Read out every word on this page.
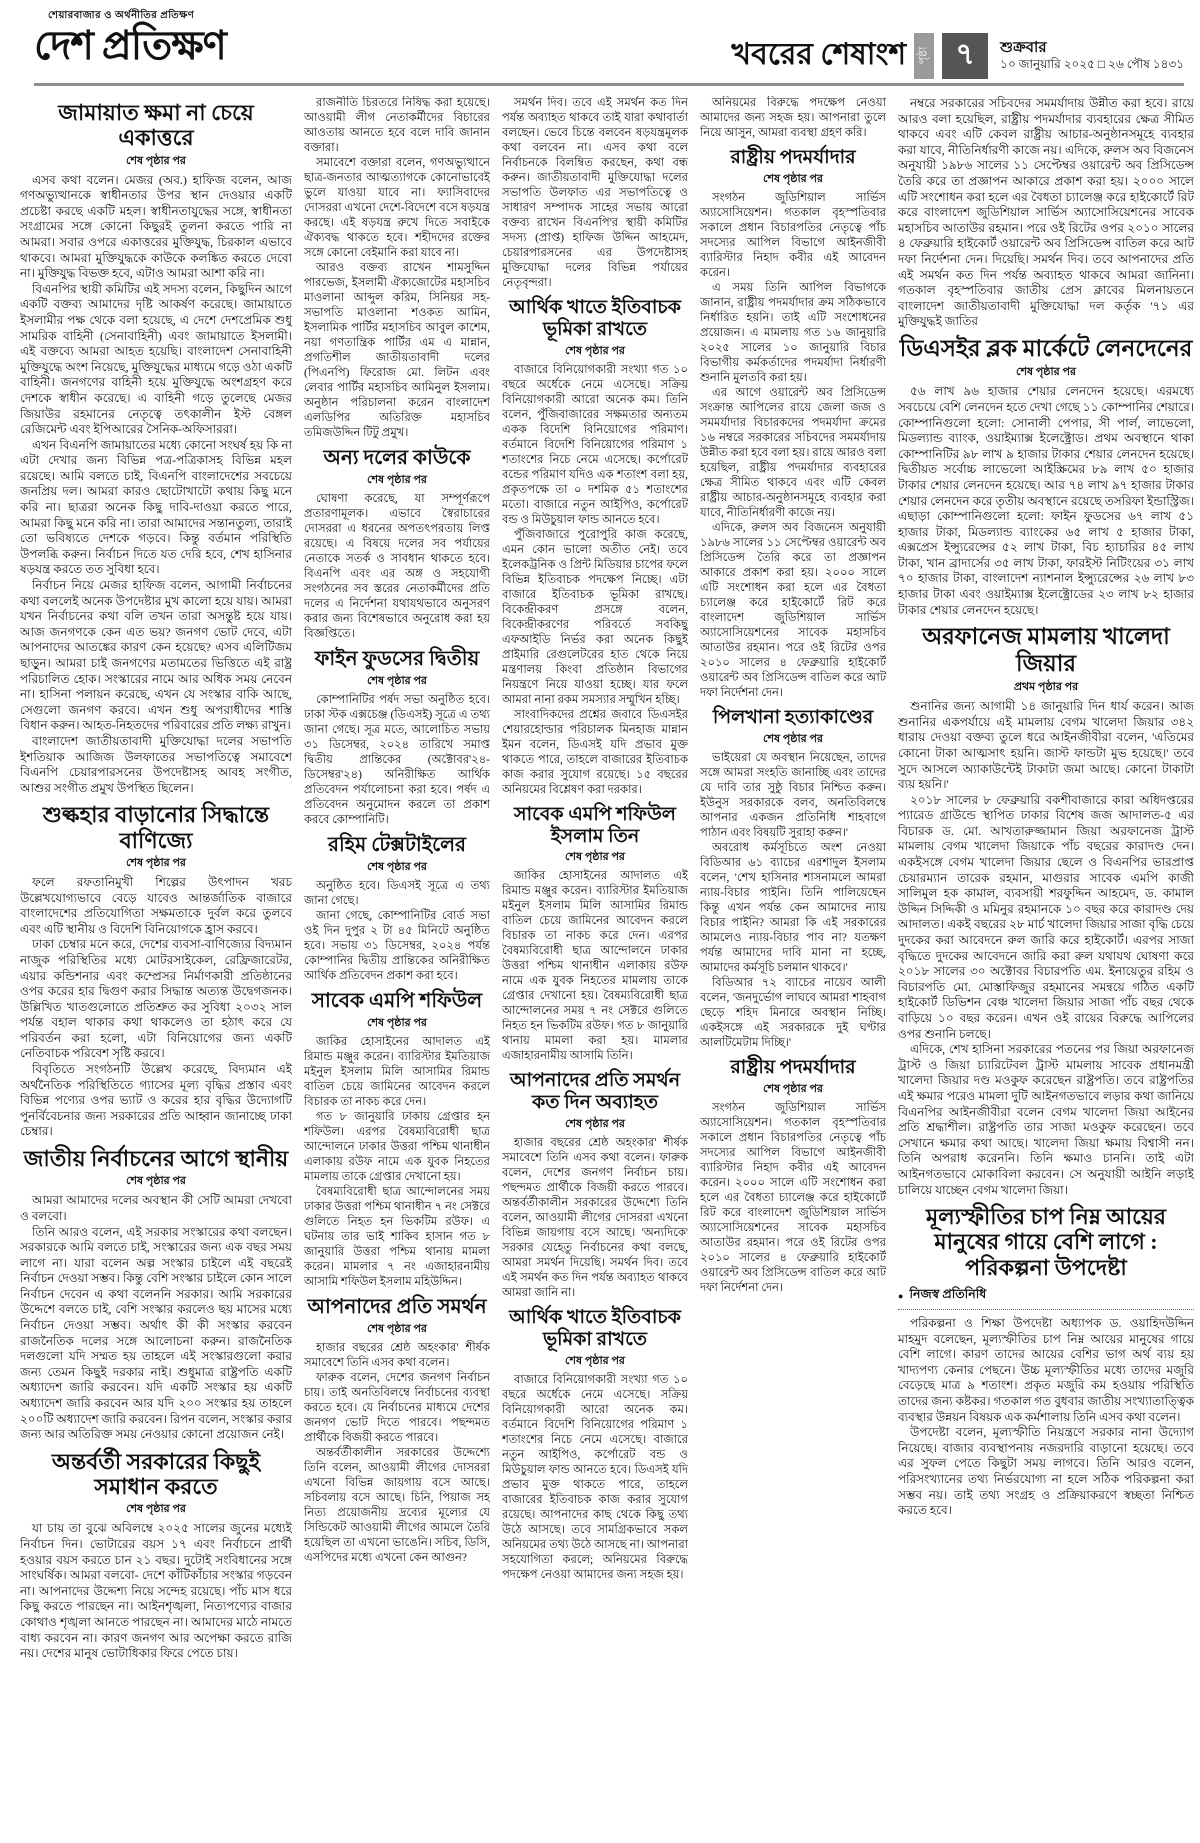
শেয়ারবাজার ও অর্থনীতির প্রতিক্ষণ
দেশ প্রতিক্ষণ	খবরের শেষাংশ পৃষ্ঠা ৭	শুক্রবার
১০ জানুয়ারি ২০২৫ □ ২৬ পৌষ ১৪৩১
জামায়াত ক্ষমা না চেয়ে একাত্তরে
শেষ পৃষ্ঠার পর

এসব কথা বলেন। মেজর (অব.) হাফিজ বলেন, আজ গণঅভ্যুত্থানকে স্বাধীনতার উপর স্থান দেওয়ার একটি প্রচেষ্টা করছে একটি মহল। স্বাধীনতাযুদ্ধের সঙ্গে, স্বাধীনতা সংগ্রামের সঙ্গে কোনো কিছুরই তুলনা করতে পারি না আমরা। সবার ওপরে একাত্তরের মুক্তিযুদ্ধ, চিরকাল এভাবে থাকবে। আমরা মুক্তিযুদ্ধকে কাউকে কলঙ্কিত করতে দেবো না। মুক্তিযুদ্ধ বিভক্ত হবে, এটাও আমরা আশা করি না।

বিএনপির স্থায়ী কমিটির এই সদস্য বলেন, কিছুদিন আগে একটি বক্তব্য আমাদের দৃষ্টি আকর্ষণ করেছে। জামায়াতে ইসলামীর পক্ষ থেকে বলা হয়েছে, এ দেশে দেশপ্রেমিক শুধু সামরিক বাহিনী (সেনাবাহিনী) এবং জামায়াতে ইসলামী। এই বক্তব্যে আমরা আহত হয়েছি। বাংলাদেশ সেনাবাহিনী মুক্তিযুদ্ধে অংশ নিয়েছে, মুক্তিযুদ্ধের মাধ্যমে গড়ে ওঠা একটি বাহিনী। জনগণের বাহিনী হয়ে মুক্তিযুদ্ধে অংশগ্রহণ করে দেশকে স্বাধীন করেছে। এ বাহিনী গড়ে তুলেছে মেজর জিয়াউর রহমানের নেতৃত্বে তৎকালীন ইস্ট বেঙ্গল রেজিমেন্ট এবং ইপিআরের সৈনিক-অফিসাররা।

এখন বিএনপি জামায়াতের মধ্যে কোনো সংঘর্ষ হয় কি না এটা দেখার জন্য বিভিন্ন পত্র-পত্রিকাসহ বিভিন্ন মহল রয়েছে। আমি বলতে চাই, বিএনপি বাংলাদেশের সবচেয়ে জনপ্রিয় দল। আমরা কারও ছোটোখাটো কথায় কিছু মনে করি না। ছাত্ররা অনেক কিছু দাবি-দাওয়া করতে পারে, আমরা কিছু মনে করি না। তারা আমাদের সন্তানতুল্য, তারাই তো ভবিষ্যতে দেশকে গড়বে। কিন্তু বর্তমান পরিস্থিতি উপলব্ধি করুন। নির্বাচন দিতে যত দেরি হবে, শেখ হাসিনার ষড়যন্ত্র করতে তত সুবিধা হবে।

নির্বাচন নিয়ে মেজর হাফিজ বলেন, আগামী নির্বাচনের কথা বললেই অনেক উপদেষ্টার মুখ কালো হয়ে যায়। আমরা যখন নির্বাচনের কথা বলি তখন তারা অসন্তুষ্ট হয়ে যায়। আজ জনগণকে কেন এত ভয়? জনগণ ভোট দেবে, এটা আপনাদের আতঙ্কের কারণ কেন হয়েছে? এসব এলিটিজম ছাড়ুন। আমরা চাই জনগণের মতামতের ভিত্তিতে এই রাষ্ট্র পরিচালিত হোক। সংস্কারের নামে আর অধিক সময় নেবেন না। হাসিনা পলায়ন করেছে, এখন যে সংস্কার বাকি আছে, সেগুলো জনগণ করবে। এখন শুধু অপরাধীদের শাস্তি বিধান করুন। আহত-নিহতদের পরিবারের প্রতি লক্ষ্য রাখুন।

বাংলাদেশ জাতীয়তাবাদী মুক্তিযোদ্ধা দলের সভাপতি ইশতিয়াক আজিজ উলফাতের সভাপতিত্বে সমাবেশে বিএনপি চেয়ারপারসনের উপদেষ্টাসহ আবহ সংগীত, আশুর সংগীত প্রমুখ উপস্থিত ছিলেন।

শুল্কহার বাড়ানোর সিদ্ধান্তে বাণিজ্যে
শেষ পৃষ্ঠার পর

ফলে রফতানিমুখী শিল্পের উৎপাদন খরচ উল্লেখযোগ্যভাবে বেড়ে যাবেও আন্তর্জাতিক বাজারে বাংলাদেশের প্রতিযোগিতা সক্ষমতাকে দুর্বল করে তুলবে এবং এটি স্থানীয় ও বিদেশি বিনিয়োগকে হ্রাস করবে।

ঢাকা চেম্বার মনে করে, দেশের ব্যবসা-বাণিজ্যের বিদ্যমান নাজুক পরিস্থিতির মধ্যে মোটরসাইকেল, রেফ্রিজারেটর, এয়ার কন্ডিশনার এবং কম্প্রেসর নির্মাণকারী প্রতিষ্ঠানের ওপর করের হার দ্বিগুণ করার সিদ্ধান্ত অত্যন্ত উদ্বেগজনক। উল্লিখিত খাতগুলোতে প্রতিশ্রুত কর সুবিধা ২০৩২ সাল পর্যন্ত বহাল থাকার কথা থাকলেও তা হঠাৎ করে যে পরিবর্তন করা হলো, এটা বিনিয়োগের জন্য একটি নেতিবাচক পরিবেশ সৃষ্টি করবে।

বিবৃতিতে সংগঠনটি উল্লেখ করেছে, বিদ্যমান এই অর্থনৈতিক পরিস্থিতিতে গ্যাসের মূল্য বৃদ্ধির প্রস্তাব এবং বিভিন্ন পণ্যের ওপর ভ্যাট ও করের হার বৃদ্ধির উদ্যোগটি পুনর্বিবেচনার জন্য সরকারের প্রতি আহ্বান জানাচ্ছে ঢাকা চেম্বার।

জাতীয় নির্বাচনের আগে স্থানীয়
শেষ পৃষ্ঠার পর

আমরা আমাদের দলের অবস্থান কী সেটি আমরা দেখবো ও বলবো।

তিনি আরও বলেন, এই সরকার সংস্কারের কথা বলছেন। সরকারকে আমি বলতে চাই, সংস্কারের জন্য এক বছর সময় লাগে না। যারা বলেন অল্প সংস্কার চাইলে এই বছরেই নির্বাচন দেওয়া সম্ভব। কিন্তু বেশি সংস্কার চাইলে কোন সালে নির্বাচন দেবেন এ কথা বলেননি সরকার। আমি সরকারের উদ্দেশে বলতে চাই, বেশি সংস্কার করলেও ছয় মাসের মধ্যে নির্বাচন দেওয়া সম্ভব। অর্থাৎ কী কী সংস্কার করবেন রাজনৈতিক দলের সঙ্গে আলোচনা করুন। রাজনৈতিক দলগুলো যদি সম্মত হয় তাহলে এই সংস্কারগুলো করার জন্য তেমন কিছুই দরকার নাই। শুধুমাত্র রাষ্ট্রপতি একটি অধ্যাদেশ জারি করবেন। যদি একটি সংস্কার হয় একটি অধ্যাদেশ জারি করবেন আর যদি ২০০ সংস্কার হয় তাহলে ২০০টি অধ্যাদেশ জারি করবেন। রিপন বলেন, সংস্কার করার জন্য আর অতিরিক্ত সময় নেওয়ার কোনো প্রয়োজন নেই।

অন্তর্বর্তী সরকারের কিছুই সমাধান করতে
শেষ পৃষ্ঠার পর

যা চায় তা বুঝে অবিলম্বে ২০২৫ সালের জুনের মধ্যেই নির্বাচন দিন। ভোটারের বয়স ১৭ এবং নির্বাচনে প্রার্থী হওয়ার বয়স করতে চান ২১ বছর। দুটোই সংবিধানের সঙ্গে সাংঘর্ষিক। আমরা বলবো- দেশে কাঁটিকাঁচার সংস্কার গড়বেন না। আপনাদের উদ্দেশ্য নিয়ে সন্দেহ রয়েছে। পাঁচ মাস ধরে কিছু করতে পারছেন না। আইনশৃঙ্খলা, নিত্যপণ্যের বাজার কোথাও শৃঙ্খলা আনতে পারছেন না। আমাদের মাঠে নামতে বাধ্য করবেন না। কারণ জনগণ আর অপেক্ষা করতে রাজি নয়। দেশের মানুষ ভোটাধিকার ফিরে পেতে চায়।

রাজনীতি চিরতরে নিষিদ্ধ করা হয়েছে। আওয়ামী লীগ নেতাকর্মীদের বিচারের আওতায় আনতে হবে বলে দাবি জানান বক্তারা।

সমাবেশে বক্তারা বলেন, গণঅভ্যুত্থানে ছাত্র-জনতার আত্মত্যাগকে কোনোভাবেই ভুলে যাওয়া যাবে না। ফ্যাসিবাদের দোসররা এখনো দেশে-বিদেশে বসে ষড়যন্ত্র করছে। এই ষড়যন্ত্র রুখে দিতে সবাইকে ঐক্যবদ্ধ থাকতে হবে। শহীদদের রক্তের সঙ্গে কোনো বেইমানি করা যাবে না।

আরও বক্তব্য রাখেন শামসুদ্দিন পারভেজ, ইসলামী ঐক্যজোটের মহাসচিব মাওলানা আব্দুল করিম, সিনিয়র সহ-সভাপতি মাওলানা শওকত আমিন, ইসলামিক পার্টির মহাসচিব আবুল কাশেম, নয়া গণতান্ত্রিক পার্টির এম এ মান্নান, প্রগতিশীল জাতীয়তাবাদী দলের (পিএনপি) ফিরোজ মো. লিটন এবং লেবার পার্টির মহাসচিব আমিনুল ইসলাম। অনুষ্ঠান পরিচালনা করেন বাংলাদেশ এলডিপির অতিরিক্ত মহাসচিব তমিজউদ্দিন টিটু প্রমুখ।

অন্য দলের কাউকে
শেষ পৃষ্ঠার পর

ঘোষণা করেছে, যা সম্পূর্ণরূপে প্রতারণামূলক। এভাবে স্বৈরাচারের দোসররা এ ধরনের অপতৎপরতায় লিপ্ত রয়েছে। এ বিষয়ে দলের সব পর্যায়ের নেতাকে সতর্ক ও সাবধান থাকতে হবে। বিএনপি এবং এর অঙ্গ ও সহযোগী সংগঠনের সব স্তরের নেতাকর্মীদের প্রতি দলের এ নির্দেশনা যথাযথভাবে অনুসরণ করার জন্য বিশেষভাবে অনুরোধ করা হয় বিজ্ঞপ্তিতে।

ফাইন ফুডসের দ্বিতীয়
শেষ পৃষ্ঠার পর

কোম্পানিটির পর্ষদ সভা অনুষ্ঠিত হবে। ঢাকা স্টক এক্সচেঞ্জ (ডিএসই) সূত্রে এ তথ্য জানা গেছে। সূত্র মতে, আলোচিত সভায় ৩১ ডিসেম্বর, ২০২৪ তারিখে সমাপ্ত দ্বিতীয় প্রান্তিকের (অক্টোবর'২৪-ডিসেম্বর'২৪) অনিরীক্ষিত আর্থিক প্রতিবেদন পর্যালোচনা করা হবে। পর্ষদ এ প্রতিবেদন অনুমোদন করলে তা প্রকাশ করবে কোম্পানিটি।

রহিম টেক্সটাইলের
শেষ পৃষ্ঠার পর

অনুষ্ঠিত হবে। ডিএসই সূত্রে এ তথ্য জানা গেছে।

জানা গেছে, কোম্পানিটির বোর্ড সভা ওই দিন দুপুর ২ টা ৪৫ মিনিটে অনুষ্ঠিত হবে। সভায় ৩১ ডিসেম্বর, ২০২৪ পর্যন্ত কোম্পানির দ্বিতীয় প্রান্তিকের অনিরীক্ষিত আর্থিক প্রতিবেদন প্রকাশ করা হবে।

সাবেক এমপি শফিউল
শেষ পৃষ্ঠার পর

জাকির হোসাইনের আদালত এই রিমান্ড মঞ্জুর করেন। ব্যারিস্টার ইমতিয়াজ মইনুল ইসলাম মিলি আসামির রিমান্ড বাতিল চেয়ে জামিনের আবেদন করলে বিচারক তা নাকচ করে দেন।

গত ৮ জানুয়ারি ঢাকায় গ্রেপ্তার হন শফিউল। এরপর বৈষম্যবিরোধী ছাত্র আন্দোলনে ঢাকার উত্তরা পশ্চিম থানাধীন এলাকায় রউফ নামে এক যুবক নিহতের মামলায় তাকে গ্রেপ্তার দেখানো হয়।

বৈষম্যবিরোধী ছাত্র আন্দোলনের সময় ঢাকার উত্তরা পশ্চিম থানাধীন ৭ নং সেক্টরে গুলিতে নিহত হন ভিকটিম রউফ। এ ঘটনায় তার ভাই শাকিব হাসান গত ৮ জানুয়ারি উত্তরা পশ্চিম থানায় মামলা করেন। মামলার ৭ নং এজাহারনামীয় আসামি শফিউল ইসলাম মহিউদ্দিন।

আপনাদের প্রতি সমর্থন
শেষ পৃষ্ঠার পর

হাজার বছরের শ্রেষ্ঠ অহংকার' শীর্ষক সমাবেশে তিনি এসব কথা বলেন।

ফারুক বলেন, দেশের জনগণ নির্বাচন চায়। তাই অনতিবিলম্বে নির্বাচনের ব্যবস্থা করতে হবে। যে নির্বাচনের মাধ্যমে দেশের জনগণ ভোট দিতে পারবে। পছন্দমত প্রার্থীকে বিজয়ী করতে পারবে।

অন্তর্বর্তীকালীন সরকারের উদ্দেশ্যে তিনি বলেন, আওয়ামী লীগের দোসররা এখনো বিভিন্ন জায়গায় বসে আছে। সচিবলায় বসে আছে। চিনি, পিয়াজ সহ নিত্য প্রয়োজনীয় দ্রব্যের মূল্যের যে সিন্ডিকেট আওয়ামী লীগের আমলে তৈরি হয়েছিল তা এখনো ভাঙেনি। সচিব, ডিসি, এসপিদের মধ্যে এখনো কেন আগুন?

সমর্থন দিব। তবে এই সমর্থন কত দিন পর্যন্ত অব্যাহত থাকবে তাই যারা কথাবার্তা বলছেন। ভেবে চিন্তে বলবেন ষড়যন্ত্রমূলক কথা বলবেন না। এসব কথা বলে নির্বাচনকে বিলম্বিত করছেন, কথা বন্ধ করুন। জাতীয়তাবাদী মুক্তিযোদ্ধা দলের সভাপতি উলফাত এর সভাপতিত্বে ও সাধারণ সম্পাদক সাহের সভায় আরো বক্তব্য রাখেন বিএনপি'র স্থায়ী কমিটির সদস্য (প্রাপ্ত) হাফিজ উদ্দিন আহমেদ, চেয়ারপারসনের এর উপদেষ্টাসহ মুক্তিযোদ্ধা দলের বিভিন্ন পর্যায়ের নেতৃবৃন্দরা।

আর্থিক খাতে ইতিবাচক ভূমিকা রাখতে
শেষ পৃষ্ঠার পর

বাজারে বিনিয়োগকারী সংখ্যা গত ১০ বছরে অর্ধেকে নেমে এসেছে। সক্রিয় বিনিয়োগকারী আরো অনেক কম। তিনি বলেন, পুঁজিবাজারের সক্ষমতার অন্যতম একক বিদেশি বিনিয়োগের পরিমাণ। বর্তমানে বিদেশি বিনিয়োগের পরিমাণ ১ শতাংশের নিচে নেমে এসেছে। কর্পোরেট বন্ডের পরিমাণ যদিও এক শতাংশ বলা হয়, প্রকৃতপক্ষে তা ০ দশমিক ৫১ শতাংশের মতো। বাজারে নতুন আইপিও, কর্পোরেট বন্ড ও মিউচুয়াল ফান্ড আনতে হবে।

পুঁজিবাজারে পুরোপুরি কাজ করেছে, এমন কোন ভালো অতীত নেই। তবে ইলেকট্রনিক ও প্রিন্ট মিডিয়ার চাপের ফলে বিভিন্ন ইতিবাচক পদক্ষেপ নিচ্ছে। এটা বাজারে ইতিবাচক ভূমিকা রাখছে। বিকেন্দ্রীকরণ প্রসঙ্গে বলেন, বিকেন্দ্রীকরণের পরিবর্তে সবকিছু এফআইডি নির্ভর করা অনেক কিছুই প্রাইমারি রেগুলেটরের হাত থেকে নিয়ে মন্ত্রণালয় কিংবা প্রতিষ্ঠান বিভাগের নিয়ন্ত্রণে নিয়ে যাওয়া হচ্ছে। যার ফলে আমরা নানা রকম সমস্যার সম্মুখিন হচ্ছি।

সাংবাদিকদের প্রশ্নের জবাবে ডিএসইর শেয়ারহোল্ডার পরিচালক মিনহাজ মান্নান ইমন বলেন, ডিএসই যদি প্রভাব মুক্ত থাকতে পারে, তাহলে বাজারের ইতিবাচক কাজ করার সুযোগ রয়েছে। ১৫ বছরের অনিয়মের বিশ্লেষণ করা দরকার।

সাবেক এমপি শফিউল ইসলাম তিন
শেষ পৃষ্ঠার পর

জাকির হোসাইনের আদালত এই রিমান্ড মঞ্জুর করেন। ব্যারিস্টার ইমতিয়াজ মইনুল ইসলাম মিলি আসামির রিমান্ড বাতিল চেয়ে জামিনের আবেদন করলে বিচারক তা নাকচ করে দেন। এরপর বৈষম্যবিরোধী ছাত্র আন্দোলনে ঢাকার উত্তরা পশ্চিম থানাধীন এলাকায় রউফ নামে এক যুবক নিহতের মামলায় তাকে গ্রেপ্তার দেখানো হয়। বৈষম্যবিরোধী ছাত্র আন্দোলনের সময় ৭ নং সেক্টরে গুলিতে নিহত হন ভিকটিম রউফ। গত ৮ জানুয়ারি থানায় মামলা করা হয়। মামলার এজাহারনামীয় আসামি তিনি।

আপনাদের প্রতি সমর্থন কত দিন অব্যাহত
শেষ পৃষ্ঠার পর

হাজার বছরের শ্রেষ্ঠ অহংকার' শীর্ষক সমাবেশে তিনি এসব কথা বলেন। ফারুক বলেন, দেশের জনগণ নির্বাচন চায়। পছন্দমত প্রার্থীকে বিজয়ী করতে পারবে। অন্তর্বর্তীকালীন সরকারের উদ্দেশ্যে তিনি বলেন, আওয়ামী লীগের দোসররা এখনো বিভিন্ন জায়গায় বসে আছে। 'অন্যদিকে' সরকার যেহেতু নির্বাচনের কথা বলছে, আমরা সমর্থন দিয়েছি। সমর্থন দিব। তবে এই সমর্থন কত দিন পর্যন্ত অব্যাহত থাকবে আমরা জানি না।

আর্থিক খাতে ইতিবাচক ভূমিকা রাখতে
শেষ পৃষ্ঠার পর

বাজারে বিনিয়োগকারী সংখ্যা গত ১০ বছরে অর্ধেকে নেমে এসেছে। সক্রিয় বিনিয়োগকারী আরো অনেক কম। বর্তমানে বিদেশি বিনিয়োগের পরিমাণ ১ শতাংশের নিচে নেমে এসেছে। বাজারে নতুন আইপিও, কর্পোরেট বন্ড ও মিউচুয়াল ফান্ড আনতে হবে। ডিএসই যদি প্রভাব মুক্ত থাকতে পারে, তাহলে বাজারের ইতিবাচক কাজ করার সুযোগ রয়েছে। আপনাদের কাছ থেকে কিছু তথ্য উঠে আসছে। তবে সামগ্রিকভাবে সকল অনিয়মের তথ্য উঠে আসছে না। আপনারা সহযোগিতা করলে; অনিয়মের বিরুদ্ধে পদক্ষেপ নেওয়া আমাদের জন্য সহজ হয়।

অনিয়মের বিরুদ্ধে পদক্ষেপ নেওয়া আমাদের জন্য সহজ হয়। আপনারা তুলে নিয়ে আসুন, আমরা ব্যবস্থা গ্রহণ করি।

রাষ্ট্রীয় পদমর্যাদার
শেষ পৃষ্ঠার পর

সংগঠন জুডিশিয়াল সার্ভিস অ্যাসোসিয়েশন। গতকাল বৃহস্পতিবার সকালে প্রধান বিচারপতির নেতৃত্বে পাঁচ সদস্যের আপিল বিভাগে আইনজীবী ব্যারিস্টার নিহাদ কবীর এই আবেদন করেন।

এ সময় তিনি আপিল বিভাগকে জানান, রাষ্ট্রীয় পদমর্যাদার ক্রম সঠিকভাবে নির্ধারিত হয়নি। তাই এটি সংশোধনের প্রয়োজন। এ মামলায় গত ১৬ জানুয়ারি ২০২৫ সালের ১০ জানুয়ারি বিচার বিভাগীয় কর্মকর্তাদের পদমর্যাদা নির্ধারণী শুনানি মুলতবি করা হয়।

এর আগে ওয়ারেন্ট অব প্রিসিডেন্স সংক্রান্ত আপিলের রায়ে জেলা জজ ও সমমর্যাদার বিচারকদের পদমর্যাদা ক্রমের ১৬ নম্বরে সরকারের সচিবদের সমমর্যাদায় উন্নীত করা হবে বলা হয়। রায়ে আরও বলা হয়েছিল, রাষ্ট্রীয় পদমর্যাদার ব্যবহারের ক্ষেত্র সীমিত থাকবে এবং এটি কেবল রাষ্ট্রীয় আচার-অনুষ্ঠানসমূহে ব্যবহার করা যাবে, নীতিনির্ধারণী কাজে নয়।

এদিকে, রুলস অব বিজনেস অনুযায়ী ১৯৮৬ সালের ১১ সেপ্টেম্বর ওয়ারেন্ট অব প্রিসিডেন্স তৈরি করে তা প্রজ্ঞাপন আকারে প্রকাশ করা হয়। ২০০০ সালে এটি সংশোধন করা হলে এর বৈধতা চ্যালেঞ্জ করে হাইকোর্টে রিট করে বাংলাদেশ জুডিশিয়াল সার্ভিস অ্যাসোসিয়েশনের সাবেক মহাসচিব আতাউর রহমান। পরে ওই রিটের ওপর ২০১০ সালের ৪ ফেব্রুয়ারি হাইকোর্ট ওয়ারেন্ট অব প্রিসিডেন্স বাতিল করে আট দফা নির্দেশনা দেন।

পিলখানা হত্যাকাণ্ডের
শেষ পৃষ্ঠার পর

ভাইয়েরা যে অবস্থান নিয়েছেন, তাদের সঙ্গে আমরা সংহতি জানাচ্ছি এবং তাদের যে দাবি তার সুষ্ঠু বিচার নিশ্চিত করুন। ইউনুস সরকারকে বলব, অনতিবিলম্বে আপনার একজন প্রতিনিধি শাহবাগে পাঠান এবং বিষয়টি সুরাহা করুন।'

অবরোধ কর্মসূচিতে অংশ নেওয়া বিডিআর ৬১ ব্যাচের এরশাদুল ইসলাম বলেন, 'শেখ হাসিনার শাসনামলে আমরা ন্যায়-বিচার পাইনি। তিনি পালিয়েছেন কিন্তু এখন পর্যন্ত কেন আমাদের ন্যায় বিচার পাইনি? আমরা কি এই সরকারের আমলেও ন্যায়-বিচার পাব না? যতক্ষণ পর্যন্ত আমাদের দাবি মানা না হচ্ছে, আমাদের কর্মসূচি চলমান থাকবে।'

বিডিআর ৭২ ব্যাচের নায়েব আলী বলেন, 'জনদুর্ভোগ লাঘবে আমরা শাহবাগ ছেড়ে শহিদ মিনারে অবস্থান নিচ্ছি। একইসঙ্গে এই সরকারকে দুই ঘণ্টার আলটিমেটাম দিচ্ছি।'

রাষ্ট্রীয় পদমর্যাদার
শেষ পৃষ্ঠার পর

সংগঠন জুডিশিয়াল সার্ভিস অ্যাসোসিয়েশন। গতকাল বৃহস্পতিবার সকালে প্রধান বিচারপতির নেতৃত্বে পাঁচ সদস্যের আপিল বিভাগে আইনজীবী ব্যারিস্টার নিহাদ কবীর এই আবেদন করেন। ২০০০ সালে এটি সংশোধন করা হলে এর বৈধতা চ্যালেঞ্জ করে হাইকোর্টে রিট করে বাংলাদেশ জুডিশিয়াল সার্ভিস অ্যাসোসিয়েশনের সাবেক মহাসচিব আতাউর রহমান। পরে ওই রিটের ওপর ২০১০ সালের ৪ ফেব্রুয়ারি হাইকোর্ট ওয়ারেন্ট অব প্রিসিডেন্স বাতিল করে আট দফা নির্দেশনা দেন।

নম্বরে সরকারের সচিবদের সমমর্যাদায় উন্নীত করা হবে। রায়ে আরও বলা হয়েছিল, রাষ্ট্রীয় পদমর্যাদার ব্যবহারের ক্ষেত্র সীমিত থাকবে এবং এটি কেবল রাষ্ট্রীয় আচার-অনুষ্ঠানসমূহে ব্যবহার করা যাবে, নীতিনির্ধারণী কাজে নয়। এদিকে, রুলস অব বিজনেস অনুযায়ী ১৯৮৬ সালের ১১ সেপ্টেম্বর ওয়ারেন্ট অব প্রিসিডেন্স তৈরি করে তা প্রজ্ঞাপন আকারে প্রকাশ করা হয়। ২০০০ সালে এটি সংশোধন করা হলে এর বৈধতা চ্যালেঞ্জ করে হাইকোর্টে রিট করে বাংলাদেশ জুডিশিয়াল সার্ভিস অ্যাসোসিয়েশনের সাবেক মহাসচিব আতাউর রহমান। পরে ওই রিটের ওপর ২০১০ সালের ৪ ফেব্রুয়ারি হাইকোর্ট ওয়ারেন্ট অব প্রিসিডেন্স বাতিল করে আট দফা নির্দেশনা দেন। দিয়েছি। সমর্থন দিব। তবে আপনাদের প্রতি এই সমর্থন কত দিন পর্যন্ত অব্যাহত থাকবে আমরা জানিনা। গতকাল বৃহস্পতিবার জাতীয় প্রেস ক্লাবের মিলনায়তনে বাংলাদেশ জাতীয়তাবাদী মুক্তিযোদ্ধা দল কর্তৃক '৭১ এর মুক্তিযুদ্ধই জাতির

ডিএসইর ব্লক মার্কেটে লেনদেনের
শেষ পৃষ্ঠার পর

৫৬ লাখ ৯৬ হাজার শেয়ার লেনদেন হয়েছে। এরমধ্যে সবচেয়ে বেশি লেনদেন হতে দেখা গেছে ১১ কোম্পানির শেয়ারে। কোম্পানিগুলো হলো: সোনালী পেপার, সী পার্ল, লাভেলো, মিডল্যান্ড ব্যাংক, ওয়াইম্যাক্স ইলেক্ট্রোড। প্রথম অবস্থানে থাকা কোম্পানিটির ৯৮ লাখ ৯ হাজার টাকার শেয়ার লেনদেন হয়েছে। দ্বিতীয়ত সর্বোচ্চ লাভেলো আইস্ক্রিমের ৮৯ লাখ ৫০ হাজার টাকার শেয়ার লেনদেন হয়েছে। আর ৭৪ লাখ ৯৭ হাজার টাকার শেয়ার লেনদেন করে তৃতীয় অবস্থানে রয়েছে তসরিফা ইন্ডাস্ট্রিজ। এছাড়া কোম্পানিগুলো হলো: ফাইন ফুডসের ৬৭ লাখ ৫১ হাজার টাকা, মিডল্যান্ড ব্যাংকের ৬৫ লাখ ৫ হাজার টাকা, এক্সপ্রেস ইন্স্যুরেন্সের ৫২ লাখ টাকা, বিচ হ্যাচারির ৪৫ লাখ টাকা, খান ব্রাদার্সের ৩৫ লাখ টাকা, ফারইস্ট নিটিংয়ের ৩১ লাখ ৭০ হাজার টাকা, বাংলাদেশ ন্যাশনাল ইন্স্যুরেন্সের ২৬ লাখ ৮৩ হাজার টাকা এবং ওয়াইম্যাক্স ইলেক্ট্রোডের ২৩ লাখ ৮২ হাজার টাকার শেয়ার লেনদেন হয়েছে।

অরফানেজ মামলায় খালেদা জিয়ার
প্রথম পৃষ্ঠার পর

শুনানির জন্য আগামী ১৪ জানুয়ারি দিন ধার্য করেন। আজ শুনানির একপর্যায়ে এই মামলায় বেগম খালেদা জিয়ার ৩৪২ ধারায় দেওয়া বক্তব্য তুলে ধরে আইনজীবীরা বলেন, 'এতিমের কোনো টাকা আত্মসাৎ হয়নি। জাস্ট ফান্ডটা মুভ হয়েছে।' তবে সুদে আসলে অ্যাকাউন্টেই টাকাটা জমা আছে। কোনো টাকাটা ব্যয় হয়নি।'

২০১৮ সালের ৮ ফেব্রুয়ারি বকশীবাজারে কারা অধিদপ্তরের প্যারেড গ্রাউন্ডে স্থাপিত ঢাকার বিশেষ জজ আদালত-৫ এর বিচারক ড. মো. আখতারুজ্জামান জিয়া অরফানেজ ট্রাস্ট মামলায় বেগম খালেদা জিয়াকে পাঁচ বছরের কারাদণ্ড দেন। একইসঙ্গে বেগম খালেদা জিয়ার ছেলে ও বিএনপির ভারপ্রাপ্ত চেয়ারম্যান তারেক রহমান, মাগুরার সাবেক এমপি কাজী সালিমুল হক কামাল, ব্যবসায়ী শরফুদ্দিন আহমেদ, ড. কামাল উদ্দিন সিদ্দিকী ও মমিনুর রহমানকে ১০ বছর করে কারাদণ্ড দেয় আদালত। একই বছরের ২৮ মার্চ খালেদা জিয়ার সাজা বৃদ্ধি চেয়ে দুদকের করা আবেদনে রুল জারি করে হাইকোর্ট। এরপর সাজা বৃদ্ধিতে দুদকের আবেদনে জারি করা রুল যথাযথ ঘোষণা করে ২০১৮ সালের ৩০ অক্টোবর বিচারপতি এম. ইনায়েতুর রহিম ও বিচারপতি মো. মোস্তাফিজুর রহমানের সমন্বয়ে গঠিত একটি হাইকোর্ট ডিভিশন বেঞ্চ খালেদা জিয়ার সাজা পাঁচ বছর থেকে বাড়িয়ে ১০ বছর করেন। এখন ওই রায়ের বিরুদ্ধে আপিলের ওপর শুনানি চলছে।

এদিকে, শেখ হাসিনা সরকারের পতনের পর জিয়া অরফানেজ ট্রাস্ট ও জিয়া চ্যারিটেবল ট্রাস্ট মামলায় সাবেক প্রধানমন্ত্রী খালেদা জিয়ার দণ্ড মওকুফ করেছেন রাষ্ট্রপতি। তবে রাষ্ট্রপতির এই ক্ষমার পরেও মামলা দুটি আইনগতভাবে লড়ার কথা জানিয়ে বিএনপির আইনজীবীরা বলেন বেগম খালেদা জিয়া আইনের প্রতি শ্রদ্ধাশীল। রাষ্ট্রপতি তার সাজা মওকুফ করেছেন। তবে সেখানে ক্ষমার কথা আছে। খালেদা জিয়া ক্ষমায় বিশ্বাসী নন। তিনি অপরাধ করেননি। তিনি ক্ষমাও চাননি। তাই এটা আইনগতভাবে মোকাবিলা করবেন। সে অনুযায়ী আইনি লড়াই চালিয়ে যাচ্ছেন বেগম খালেদা জিয়া।

মূল্যস্ফীতির চাপ নিম্ন আয়ের মানুষের গায়ে বেশি লাগে : পরিকল্পনা উপদেষ্টা
● নিজস্ব প্রতিনিধি

পরিকল্পনা ও শিক্ষা উপদেষ্টা অধ্যাপক ড. ওয়াহিদউদ্দিন মাহমুদ বলেছেন, মূল্যস্ফীতির চাপ নিম্ন আয়ের মানুষের গায়ে বেশি লাগে। কারণ তাদের আয়ের বেশির ভাগ অর্থ ব্যয় হয় খাদ্যপণ্য কেনার পেছনে। উচ্চ মূল্যস্ফীতির মধ্যে তাদের মজুরি বেড়েছে মাত্র ৯ শতাংশ। প্রকৃত মজুরি কম হওয়ায় পরিস্থিতি তাদের জন্য কষ্টকর। গতকাল গত বুধবার জাতীয় সংখ্যাতাত্ত্বিক ব্যবস্থার উন্নয়ন বিষয়ক এক কর্মশালায় তিনি এসব কথা বলেন।

উপদেষ্টা বলেন, মূল্যস্ফীতি নিয়ন্ত্রণে সরকার নানা উদ্যোগ নিয়েছে। বাজার ব্যবস্থাপনায় নজরদারি বাড়ানো হয়েছে। তবে এর সুফল পেতে কিছুটা সময় লাগবে। তিনি আরও বলেন, পরিসংখ্যানের তথ্য নির্ভরযোগ্য না হলে সঠিক পরিকল্পনা করা সম্ভব নয়। তাই তথ্য সংগ্রহ ও প্রক্রিয়াকরণে স্বচ্ছতা নিশ্চিত করতে হবে।
